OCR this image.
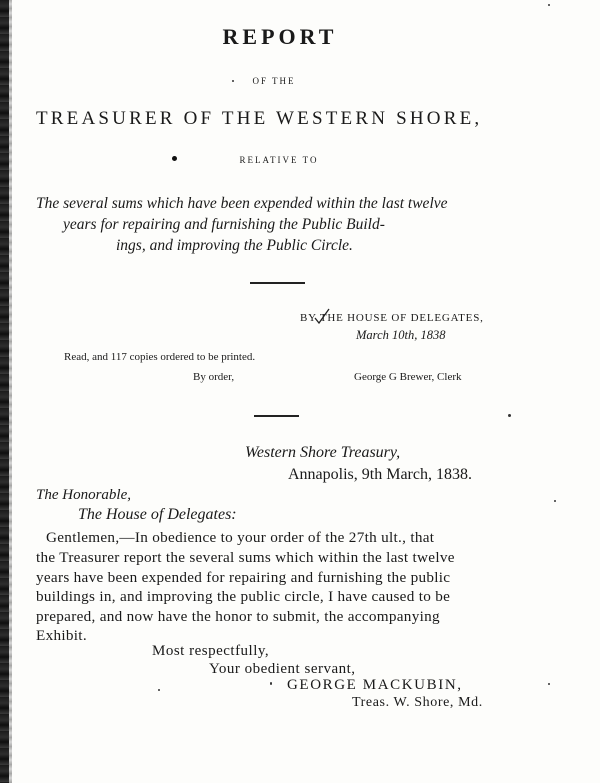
REPORT
OF THE
TREASURER OF THE WESTERN SHORE,
RELATIVE TO
The several sums which have been expended within the last twelve
years for repairing and furnishing the Public Build-
ings, and improving the Public Circle.
BY THE HOUSE OF DELEGATES,
March 10th, 1838
Read, and 117 copies ordered to be printed.
By order,	George G Brewer, Clerk
Western Shore Treasury,
Annapolis, 9th March, 1838.
The Honorable,
The House of Delegates:
Gentlemen,—In obedience to your order of the 27th ult., that
the Treasurer report the several sums which within the last twelve
years have been expended for repairing and furnishing the public
buildings in, and improving the public circle, I have caused to be
prepared, and now have the honor to submit, the accompanying
Exhibit.
Most respectfully,
Your obedient servant,
GEORGE MACKUBIN,
Treas. W. Shore, Md.
